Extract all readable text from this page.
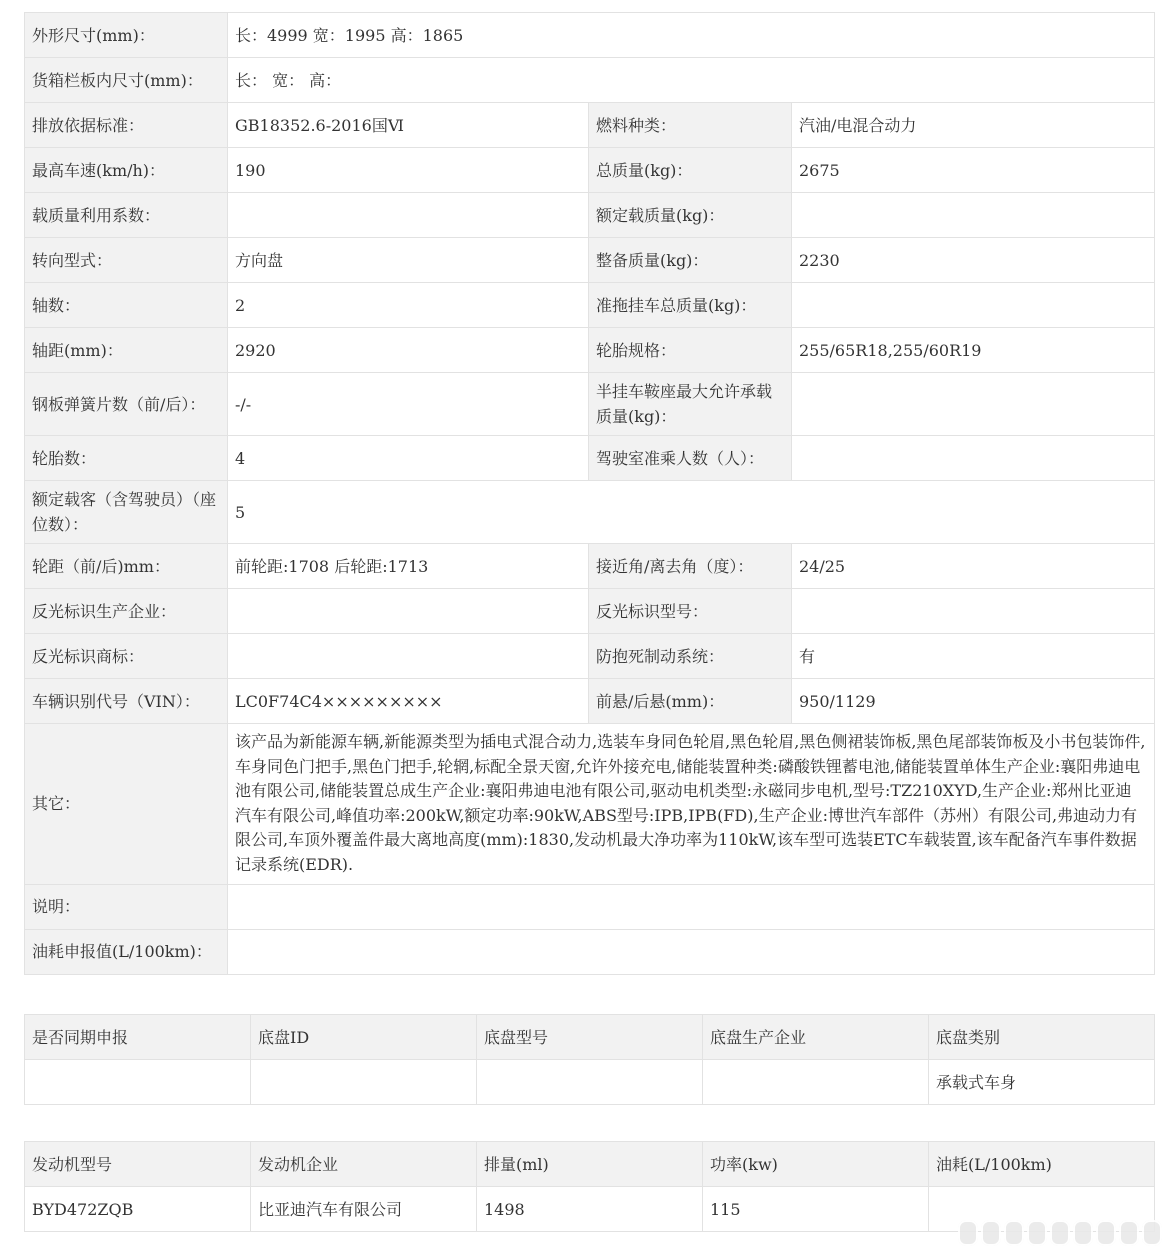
外形尺寸(mm)：	长：4999 宽：1995 高：1865		
货箱栏板内尺寸(mm)：	长： 宽： 高：		
排放依据标准：	GB18352.6-2016国Ⅵ	燃料种类：	汽油/电混合动力
最高车速(km/h)：	190	总质量(kg)：	2675
载质量利用系数：		额定载质量(kg)：	
转向型式：	方向盘	整备质量(kg)：	2230
轴数：	2	准拖挂车总质量(kg)：	
轴距(mm)：	2920	轮胎规格：	255/65R18,255/60R19
钢板弹簧片数（前/后）：	-/-	半挂车鞍座最大允许承载质量(kg)：	
轮胎数：	4	驾驶室准乘人数（人）：	
额定载客（含驾驶员）（座位数）：	5		
轮距（前/后)mm：	前轮距:1708 后轮距:1713	接近角/离去角（度）：	24/25
反光标识生产企业：		反光标识型号：	
反光标识商标：		防抱死制动系统：	有
车辆识别代号（VIN）：	LC0F74C4×××××××××	前悬/后悬(mm)：	950/1129
其它：	该产品为新能源车辆,新能源类型为插电式混合动力,选装车身同色轮眉,黑色轮眉,黑色侧裙装饰板,黑色尾部装饰板及小书包装饰件,车身同色门把手,黑色门把手,轮辋,标配全景天窗,允许外接充电,储能装置种类:磷酸铁锂蓄电池,储能装置单体生产企业:襄阳弗迪电池有限公司,储能装置总成生产企业:襄阳弗迪电池有限公司,驱动电机类型:永磁同步电机,型号:TZ210XYD,生产企业:郑州比亚迪汽车有限公司,峰值功率:200kW,额定功率:90kW,ABS型号:IPB,IPB(FD),生产企业:博世汽车部件（苏州）有限公司,弗迪动力有限公司,车顶外覆盖件最大离地高度(mm):1830,发动机最大净功率为110kW,该车型可选装ETC车载装置,该车配备汽车事件数据记录系统(EDR).		
说明：			
油耗申报值(L/100km)：			
是否同期申报	底盘ID	底盘型号	底盘生产企业	底盘类别
				承载式车身
发动机型号	发动机企业	排量(ml)	功率(kw)	油耗(L/100km)
BYD472ZQB	比亚迪汽车有限公司	1498	115	
